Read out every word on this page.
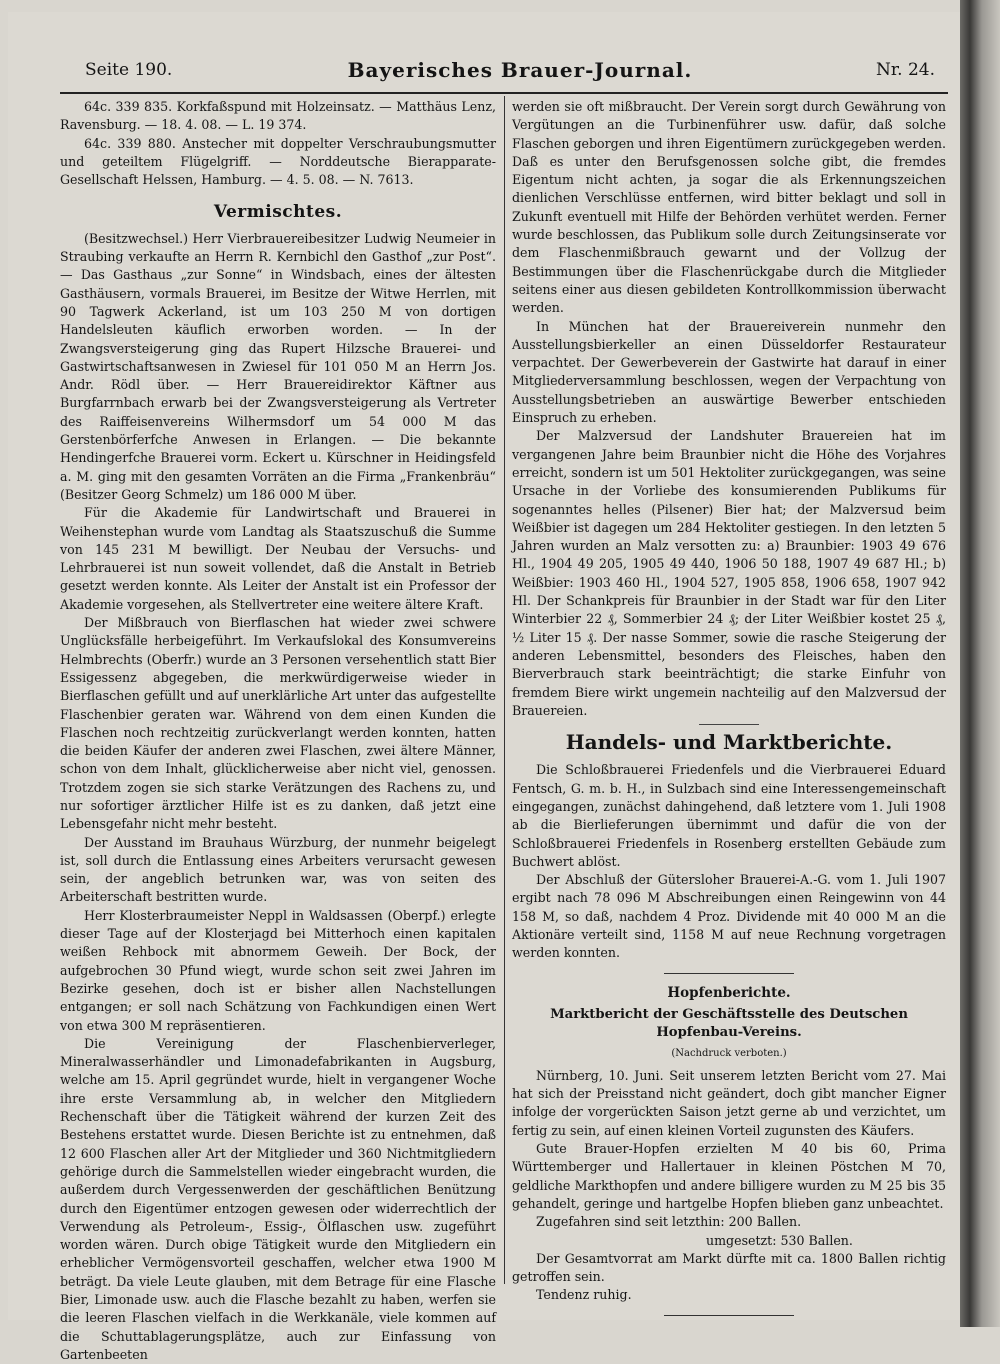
Seite 190.	Bayerisches Brauer-Journal.	Nr. 24.

64c. 339 835. Korkfaßspund mit Holzeinsatz. — Matthäus Lenz, Ravensburg. — 18. 4. 08. — L. 19 374.

64c. 339 880. Anstecher mit doppelter Verschraubungsmutter und geteiltem Flügelgriff. — Norddeutsche Bierapparate-Gesellschaft Helssen, Hamburg. — 4. 5. 08. — N. 7613.

Vermischtes.

(Besitzwechsel.) Herr Vierbrauereibesitzer Ludwig Neumeier in Straubing verkaufte an Herrn R. Kernbichl den Gasthof „zur Post“. — Das Gasthaus „zur Sonne“ in Windsbach, eines der ältesten Gasthäusern, vormals Brauerei, im Besitze der Witwe Herrlen, mit 90 Tagwerk Ackerland, ist um 103 250 M von dortigen Handelsleuten käuflich erworben worden. — In der Zwangsversteigerung ging das Rupert Hilzsche Brauerei- und Gastwirtschaftsanwesen in Zwiesel für 101 050 M an Herrn Jos. Andr. Rödl über. — Herr Brauereidirektor Käftner aus Burgfarrnbach erwarb bei der Zwangsversteigerung als Vertreter des Raiffeisenvereins Wilhermsdorf um 54 000 M das Gerstenbörferfche Anwesen in Erlangen. — Die bekannte Hendingerfche Brauerei vorm. Eckert u. Kürschner in Heidingsfeld a. M. ging mit den gesamten Vorräten an die Firma „Frankenbräu“ (Besitzer Georg Schmelz) um 186 000 M über.

Für die Akademie für Landwirtschaft und Brauerei in Weihenstephan wurde vom Landtag als Staatszuschuß die Summe von 145 231 M bewilligt. Der Neubau der Versuchs- und Lehrbrauerei ist nun soweit vollendet, daß die Anstalt in Betrieb gesetzt werden konnte. Als Leiter der Anstalt ist ein Professor der Akademie vorgesehen, als Stellvertreter eine weitere ältere Kraft.

Der Mißbrauch von Bierflaschen hat wieder zwei schwere Unglücksfälle herbeigeführt. Im Verkaufslokal des Konsumvereins Helmbrechts (Oberfr.) wurde an 3 Personen versehentlich statt Bier Essigessenz abgegeben, die merkwürdigerweise wieder in Bierflaschen gefüllt und auf unerklärliche Art unter das aufgestellte Flaschenbier geraten war. Während von dem einen Kunden die Flaschen noch rechtzeitig zurückverlangt werden konnten, hatten die beiden Käufer der anderen zwei Flaschen, zwei ältere Männer, schon von dem Inhalt, glücklicherweise aber nicht viel, genossen. Trotzdem zogen sie sich starke Verätzungen des Rachens zu, und nur sofortiger ärztlicher Hilfe ist es zu danken, daß jetzt eine Lebensgefahr nicht mehr besteht.

Der Ausstand im Brauhaus Würzburg, der nunmehr beigelegt ist, soll durch die Entlassung eines Arbeiters verursacht gewesen sein, der angeblich betrunken war, was von seiten des Arbeiterschaft bestritten wurde.

Herr Klosterbraumeister Neppl in Waldsassen (Oberpf.) erlegte dieser Tage auf der Klosterjagd bei Mitterhoch einen kapitalen weißen Rehbock mit abnormem Geweih. Der Bock, der aufgebrochen 30 Pfund wiegt, wurde schon seit zwei Jahren im Bezirke gesehen, doch ist er bisher allen Nachstellungen entgangen; er soll nach Schätzung von Fachkundigen einen Wert von etwa 300 M repräsentieren.

Die Vereinigung der Flaschenbierverleger, Mineralwasserhändler und Limonadefabrikanten in Augsburg, welche am 15. April gegründet wurde, hielt in vergangener Woche ihre erste Versammlung ab, in welcher den Mitgliedern Rechenschaft über die Tätigkeit während der kurzen Zeit des Bestehens erstattet wurde. Diesen Berichte ist zu entnehmen, daß 12 600 Flaschen aller Art der Mitglieder und 360 Nichtmitgliedern gehörige durch die Sammelstellen wieder eingebracht wurden, die außerdem durch Vergessenwerden der geschäftlichen Benützung durch den Eigentümer entzogen gewesen oder widerrechtlich der Verwendung als Petroleum-, Essig-, Ölflaschen usw. zugeführt worden wären. Durch obige Tätigkeit wurde den Mitgliedern ein erheblicher Vermögensvorteil geschaffen, welcher etwa 1900 M beträgt. Da viele Leute glauben, mit dem Betrage für eine Flasche Bier, Limonade usw. auch die Flasche bezahlt zu haben, werfen sie die leeren Flaschen vielfach in die Werkkanäle, viele kommen auf die Schuttablagerungsplätze, auch zur Einfassung von Gartenbeeten

werden sie oft mißbraucht. Der Verein sorgt durch Gewährung von Vergütungen an die Turbinenführer usw. dafür, daß solche Flaschen geborgen und ihren Eigentümern zurückgegeben werden. Daß es unter den Berufsgenossen solche gibt, die fremdes Eigentum nicht achten, ja sogar die als Erkennungszeichen dienlichen Verschlüsse entfernen, wird bitter beklagt und soll in Zukunft eventuell mit Hilfe der Behörden verhütet werden. Ferner wurde beschlossen, das Publikum solle durch Zeitungsinserate vor dem Flaschenmißbrauch gewarnt und der Vollzug der Bestimmungen über die Flaschenrückgabe durch die Mitglieder seitens einer aus diesen gebildeten Kontrollkommission überwacht werden.

In München hat der Brauereiverein nunmehr den Ausstellungsbierkeller an einen Düsseldorfer Restaurateur verpachtet. Der Gewerbeverein der Gastwirte hat darauf in einer Mitgliederversammlung beschlossen, wegen der Verpachtung von Ausstellungsbetrieben an auswärtige Bewerber entschieden Einspruch zu erheben.

Der Malzversud der Landshuter Brauereien hat im vergangenen Jahre beim Braunbier nicht die Höhe des Vorjahres erreicht, sondern ist um 501 Hektoliter zurückgegangen, was seine Ursache in der Vorliebe des konsumierenden Publikums für sogenanntes helles (Pilsener) Bier hat; der Malzversud beim Weißbier ist dagegen um 284 Hektoliter gestiegen. In den letzten 5 Jahren wurden an Malz versotten zu: a) Braunbier: 1903 49 676 Hl., 1904 49 205, 1905 49 440, 1906 50 188, 1907 49 687 Hl.; b) Weißbier: 1903 460 Hl., 1904 527, 1905 858, 1906 658, 1907 942 Hl. Der Schankpreis für Braunbier in der Stadt war für den Liter Winterbier 22 ₰, Sommerbier 24 ₰; der Liter Weißbier kostet 25 ₰, ½ Liter 15 ₰. Der nasse Sommer, sowie die rasche Steigerung der anderen Lebensmittel, besonders des Fleisches, haben den Bierverbrauch stark beeinträchtigt; die starke Einfuhr von fremdem Biere wirkt ungemein nachteilig auf den Malzversud der Brauereien.

Handels- und Marktberichte.

Die Schloßbrauerei Friedenfels und die Vierbrauerei Eduard Fentsch, G. m. b. H., in Sulzbach sind eine Interessengemeinschaft eingegangen, zunächst dahingehend, daß letztere vom 1. Juli 1908 ab die Bierlieferungen übernimmt und dafür die von der Schloßbrauerei Friedenfels in Rosenberg erstellten Gebäude zum Buchwert ablöst.

Der Abschluß der Gütersloher Brauerei-A.-G. vom 1. Juli 1907 ergibt nach 78 096 M Abschreibungen einen Reingewinn von 44 158 M, so daß, nachdem 4 Proz. Dividende mit 40 000 M an die Aktionäre verteilt sind, 1158 M auf neue Rechnung vorgetragen werden konnten.

Hopfenberichte.
Marktbericht der Geschäftsstelle des Deutschen Hopfenbau-Vereins.
(Nachdruck verboten.)

Nürnberg, 10. Juni. Seit unserem letzten Bericht vom 27. Mai hat sich der Preisstand nicht geändert, doch gibt mancher Eigner infolge der vorgerückten Saison jetzt gerne ab und verzichtet, um fertig zu sein, auf einen kleinen Vorteil zugunsten des Käufers.

Gute Brauer-Hopfen erzielten M 40 bis 60, Prima Württemberger und Hallertauer in kleinen Pöstchen M 70, geldliche Markthopfen und andere billigere wurden zu M 25 bis 35 gehandelt, geringe und hartgelbe Hopfen blieben ganz unbeachtet.

Zugefahren sind seit letzthin: 200 Ballen.

umgesetzt: 530 Ballen.

Der Gesamtvorrat am Markt dürfte mit ca. 1800 Ballen richtig getroffen sein.

Tendenz ruhig.
